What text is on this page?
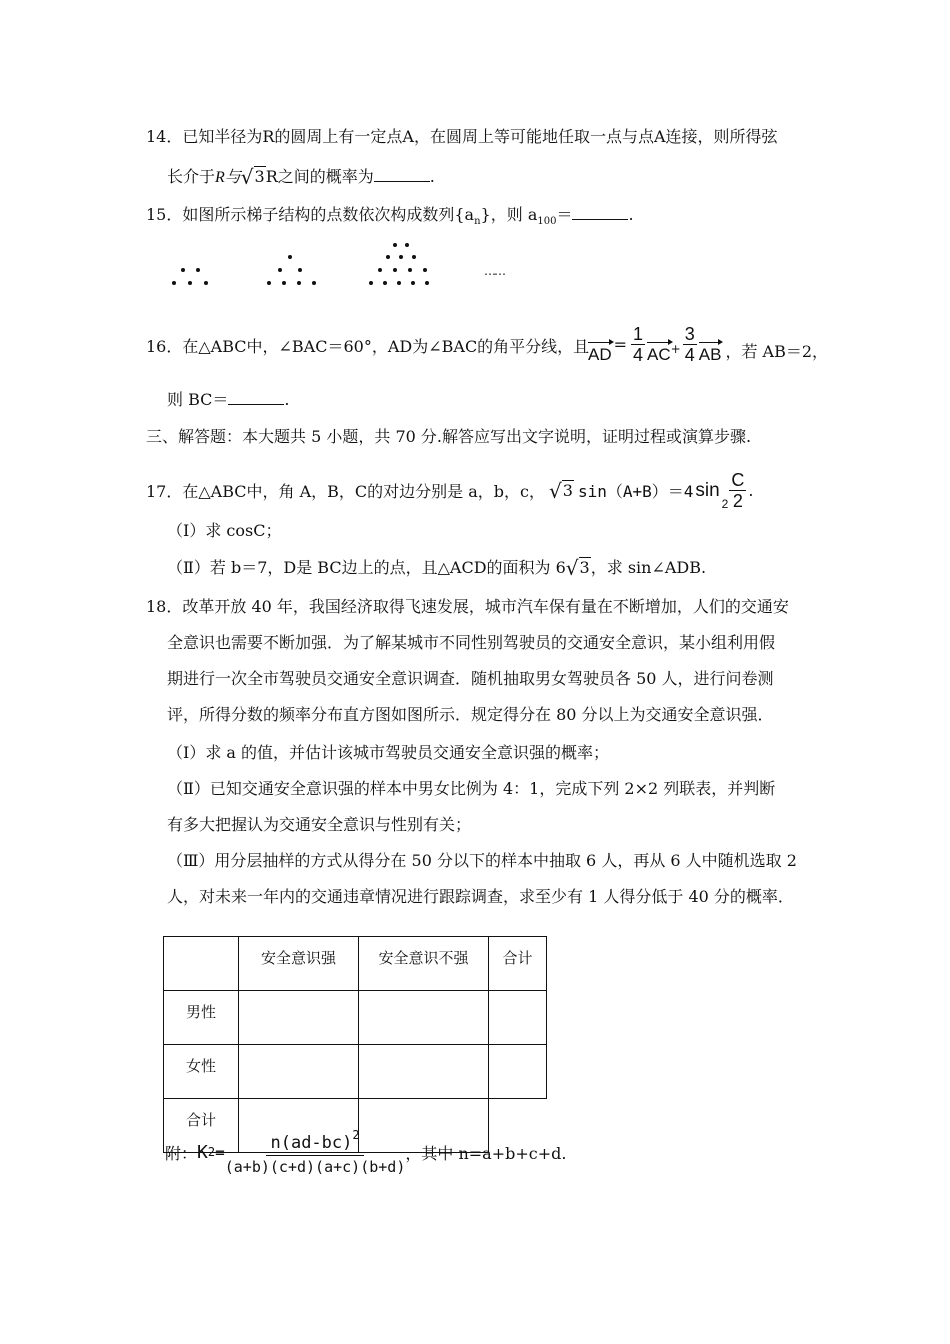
14．已知半径为R的圆周上有一定点A，在圆周上等可能地任取一点与点A连接，则所得弦
长介于R与√3R之间的概率为	.
15．如图所示梯子结构的点数依次构成数列$\{a_n\}$，则 $a_{100}=$	.
……
16．在△ABC中，∠BAC＝60°，AD为∠BAC的角平分线，且
AD
= $\frac{1}{4}$ AC + $\frac{3}{4}$ AB ，若 AB＝2，
则 BC＝	.
三、解答题：本大题共 5 小题，共 70 分.解答应写出文字说明，证明过程或演算步骤.
17．在△ABC中，角 A，B，C的对边分别是 a，b，c， √3 sin（A+B）＝4 sin
$2 \frac{C}{2}$ .
（Ⅰ）求 cosC；
（Ⅱ）若 b＝7，D是 BC边上的点，且△ACD的面积为 6√3，求 sin∠ADB.
18．改革开放 40 年，我国经济取得飞速发展，城市汽车保有量在不断增加，人们的交通安
全意识也需要不断加强．为了解某城市不同性别驾驶员的交通安全意识，某小组利用假
期进行一次全市驾驶员交通安全意识调查．随机抽取男女驾驶员各 50 人，进行问卷测
评，所得分数的频率分布直方图如图所示．规定得分在 80 分以上为交通安全意识强．
（Ⅰ）求 a 的值，并估计该城市驾驶员交通安全意识强的概率；
（Ⅱ）已知交通安全意识强的样本中男女比例为 4：1，完成下列 2×2 列联表，并判断
有多大把握认为交通安全意识与性别有关；
（Ⅲ）用分层抽样的方式从得分在 50 分以下的样本中抽取 6 人，再从 6 人中随机选取 2
人，对未来一年内的交通违章情况进行跟踪调查，求至少有 1 人得分低于 40 分的概率．
	安全意识强	安全意识不强	合计
男性			
女性			
合计			
附： K $2 = \frac{n(ad-bc)^2}{(a+b)(c+d)(a+c)(b+d)}$ ，其中 n=a+b+c+d.
